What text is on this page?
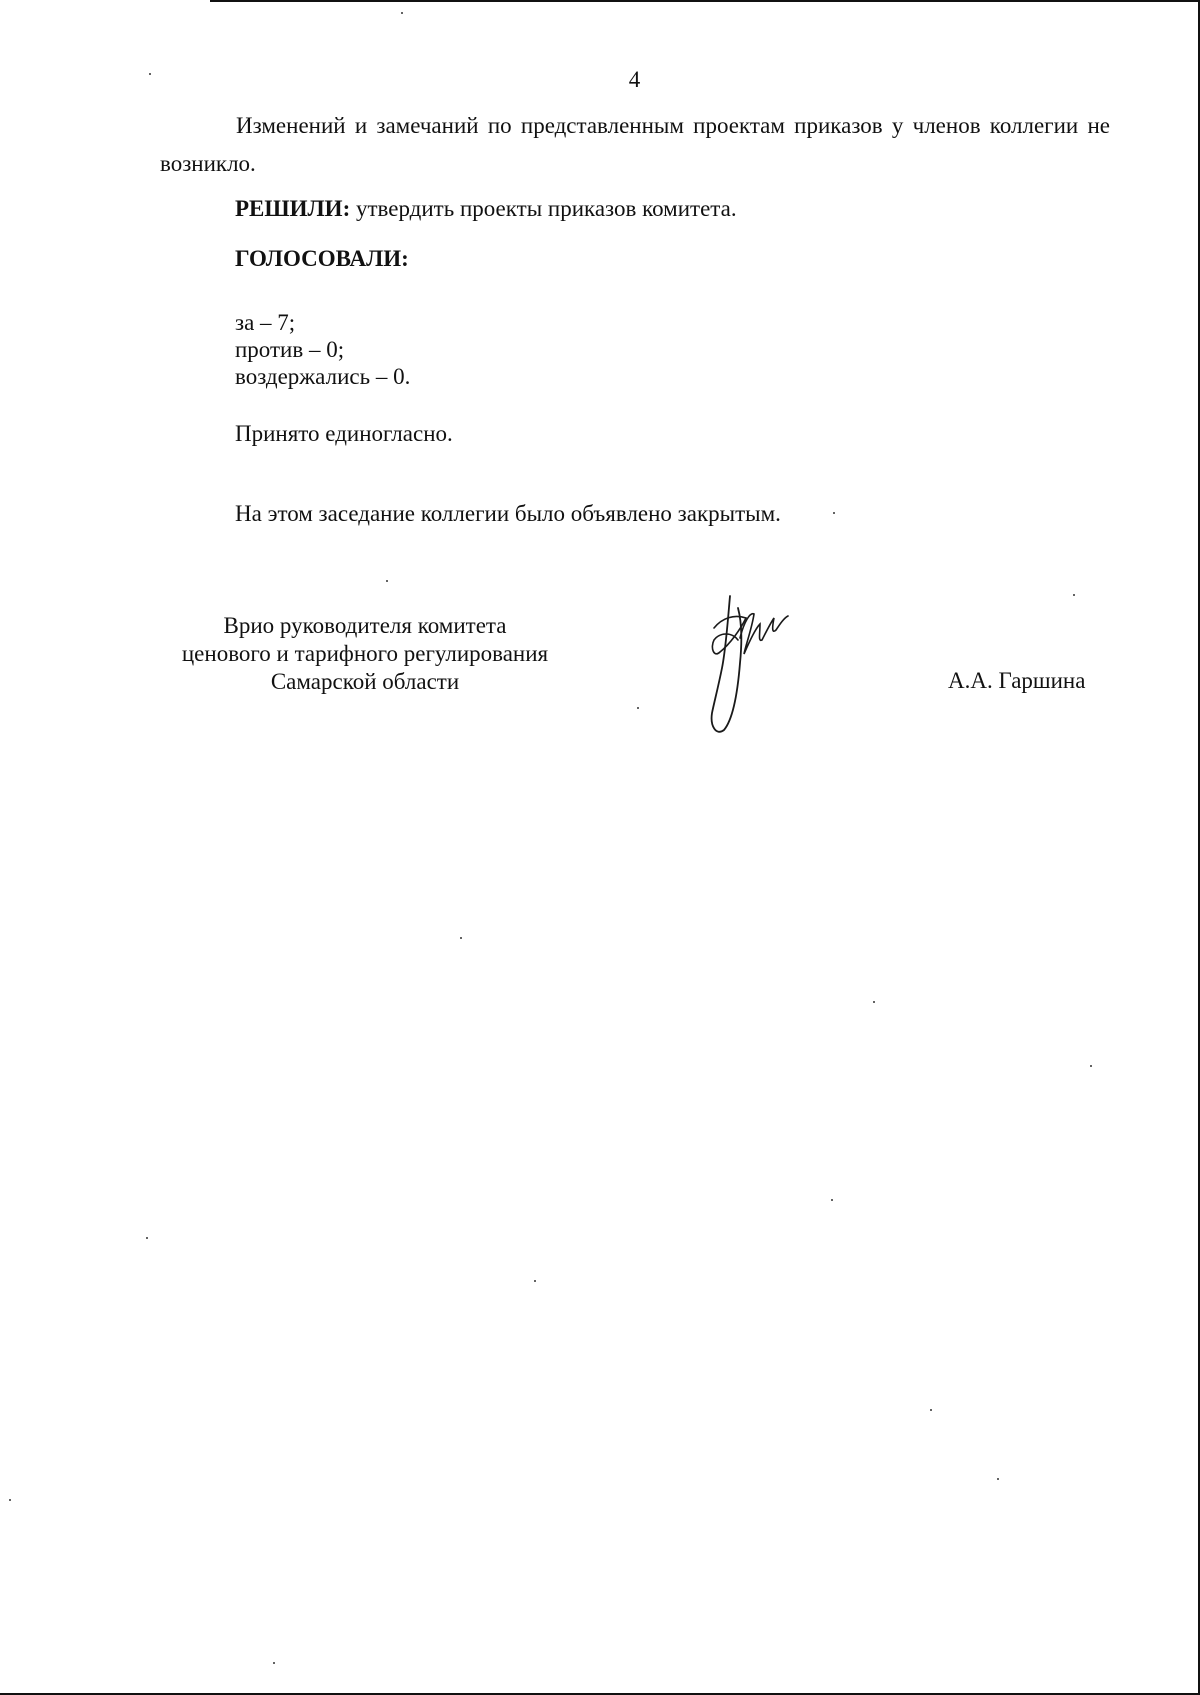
4
Изменений и замечаний по представленным проектам приказов у членов коллегии не возникло.
РЕШИЛИ: утвердить проекты приказов комитета.
ГОЛОСОВАЛИ:
за – 7;
против – 0;
воздержались – 0.
Принято единогласно.
На этом заседание коллегии было объявлено закрытым.
Врио руководителя комитета
ценового и тарифного регулирования
Самарской области	А.А. Гаршина
